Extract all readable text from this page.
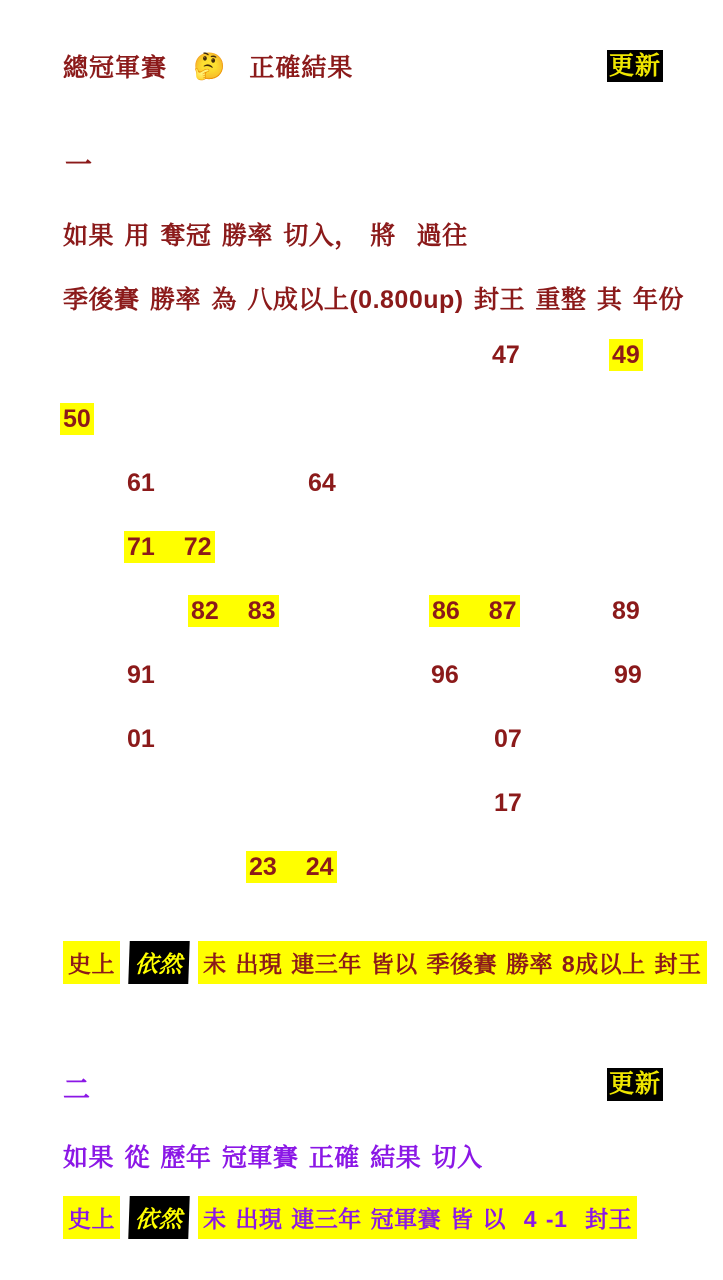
總冠軍賽 🤔 正確結果	更新
一
如果 用 奪冠 勝率 切入， 將  過往
季後賽 勝率 為 八成以上(0.800up) 封王 重整 其 年份
47	49
50
61	64
71 72
82 83	86 87	89
91	96	99
01	07
17
23 24
史上 依然 未 出現 連三年 皆以 季後賽 勝率 8成以上 封王
二	更新
如果 從 歷年 冠軍賽 正確 結果 切入
史上 依然 未 出現 連三年 冠軍賽 皆 以  4 -1  封王
